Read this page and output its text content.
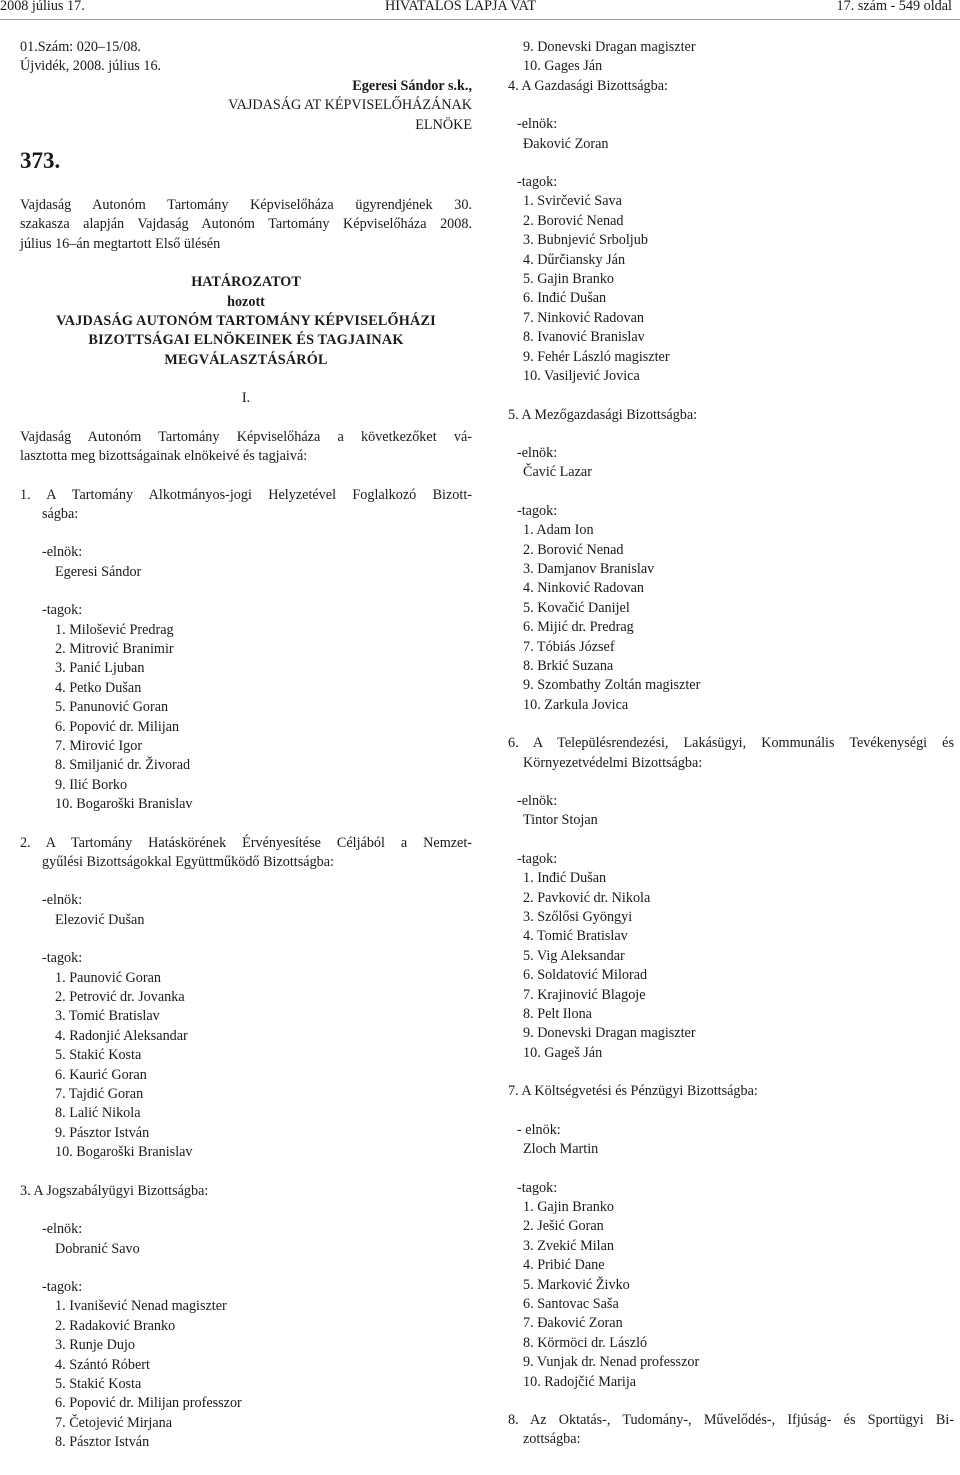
2008 július 17.	HIVATALOS LAPJA VAT	17. szám - 549 oldal
01.Szám: 020–15/08.
Újvidék, 2008. július 16.
Egeresi Sándor s.k.,
VAJDASÁG AT KÉPVISELŐHÁZÁNAK
ELNÖKE
373.
Vajdaság Autonóm Tartomány Képviselőháza ügyrendjének 30.
szakasza alapján Vajdaság Autonóm Tartomány Képviselőháza 2008.
július 16–án megtartott Első ülésén
HATÁROZATOT
hozott
VAJDASÁG AUTONÓM TARTOMÁNY KÉPVISELŐHÁZI
BIZOTTSÁGAI ELNÖKEINEK ÉS TAGJAINAK
MEGVÁLASZTÁSÁRÓL
I.
Vajdaság Autonóm Tartomány Képviselőháza a következőket vá-
lasztotta meg bizottságainak elnökeivé és tagjaivá:
1. A Tartomány Alkotmányos-jogi Helyzetével Foglalkozó Bizott-
ságba:
-elnök:
Egeresi Sándor
-tagok:
1. Milošević Predrag
2. Mitrović Branimir
3. Panić Ljuban
4. Petko Dušan
5. Panunović Goran
6. Popović dr. Milijan
7. Mirović Igor
8. Smiljanić dr. Živorad
9. Ilić Borko
10. Bogaroški Branislav
2. A Tartomány Hatáskörének Érvényesítése Céljából a Nemzet-
gyűlési Bizottságokkal Együttműködő Bizottságba:
-elnök:
Elezović Dušan
-tagok:
1. Paunović Goran
2. Petrović dr. Jovanka
3. Tomić Bratislav
4. Radonjić Aleksandar
5. Stakić Kosta
6. Kaurić Goran
7. Tajdić Goran
8. Lalić Nikola
9. Pásztor István
10. Bogaroški Branislav
3. A Jogszabályügyi Bizottságba:
-elnök:
Dobranić Savo
-tagok:
1. Ivanišević Nenad magiszter
2. Radaković Branko
3. Runje Dujo
4. Szántó Róbert
5. Stakić Kosta
6. Popović dr. Milijan professzor
7. Četojević Mirjana
8. Pásztor István
9. Donevski Dragan magiszter
10. Gages Ján
4. A Gazdasági Bizottságba:
-elnök:
Đaković Zoran
-tagok:
1. Svirčević Sava
2. Borović Nenad
3. Bubnjević Srboljub
4. Dűrčiansky Ján
5. Gajin Branko
6. Inđić Dušan
7. Ninković Radovan
8. Ivanović Branislav
9. Fehér László magiszter
10. Vasiljević Jovica
5. A Mezőgazdasági Bizottságba:
-elnök:
Čavić Lazar
-tagok:
1. Adam Ion
2. Borović Nenad
3. Damjanov Branislav
4. Ninković Radovan
5. Kovačić Danijel
6. Mijić dr. Predrag
7. Tóbiás József
8. Brkić Suzana
9. Szombathy Zoltán magiszter
10. Zarkula Jovica
6. A Településrendezési, Lakásügyi, Kommunális Tevékenységi és
Környezetvédelmi Bizottságba:
-elnök:
Tintor Stojan
-tagok:
1. Inđić Dušan
2. Pavković dr. Nikola
3. Szőlősi Gyöngyi
4. Tomić Bratislav
5. Vig Aleksandar
6. Soldatović Milorad
7. Krajinović Blagoje
8. Pelt Ilona
9. Donevski Dragan magiszter
10. Gageš Ján
7. A Költségvetési és Pénzügyi Bizottságba:
- elnök:
Zloch Martin
-tagok:
1. Gajin Branko
2. Ješić Goran
3. Zvekić Milan
4. Pribić Dane
5. Marković Živko
6. Santovac Saša
7. Đaković Zoran
8. Körmöci dr. László
9. Vunjak dr. Nenad professzor
10. Radojčić Marija
8. Az Oktatás-, Tudomány-, Művelődés-, Ifjúság- és Sportügyi Bi-
zottságba:
